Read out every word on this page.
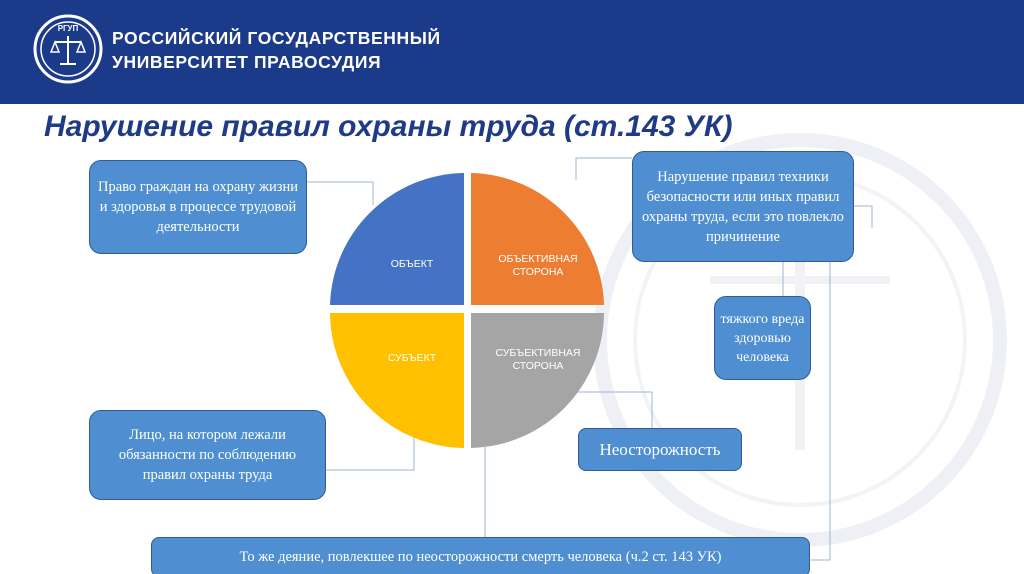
РГУП РОССИЙСКИЙ ГОСУДАРСТВЕННЫЙ
УНИВЕРСИТЕТ ПРАВОСУДИЯ
Нарушение правил охраны труда (ст.143 УК)
ОБЪЕКТ	ОБЪЕКТИВНАЯ СТОРОНА
СУБЪЕКТ	СУБЪЕКТИВНАЯ СТОРОНА
Право граждан на охрану жизни и здоровья в процессе трудовой деятельности
Нарушение правил техники безопасности или иных правил охраны труда, если это повлекло причинение
тяжкого вреда здоровью человека
Лицо, на котором лежали обязанности по соблюдению правил охраны труда
Неосторожность
То же деяние, повлекшее по неосторожности смерть человека (ч.2 ст. 143 УК)
